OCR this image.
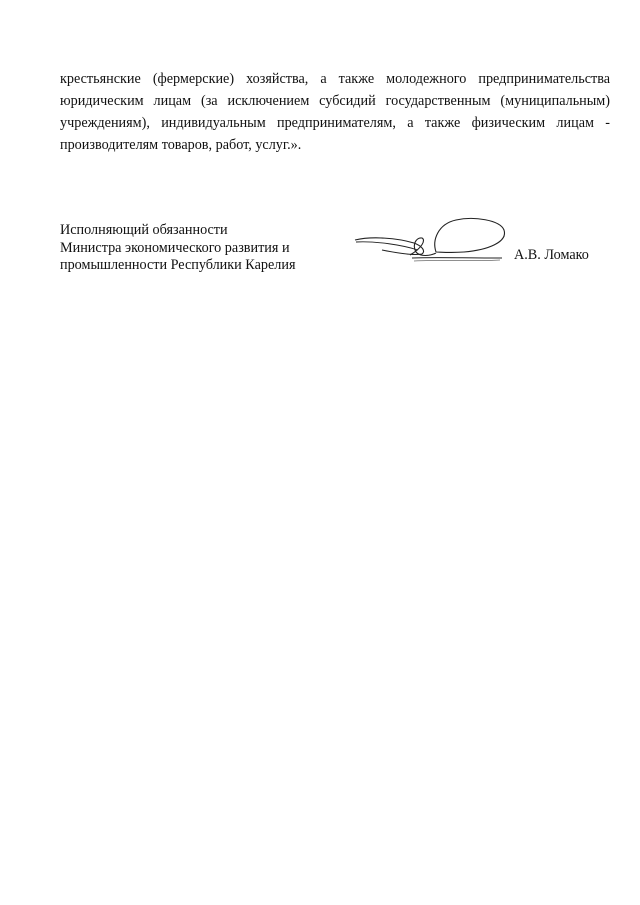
крестьянские (фермерские) хозяйства, а также молодежного предпринимательства
юридическим лицам (за исключением субсидий государственным (муниципальным)
учреждениям), индивидуальным предпринимателям, а также физическим лицам -
производителям товаров, работ, услуг.».
Исполняющий обязанности
Министра экономического развития и
промышленности Республики Карелия
А.В. Ломако
